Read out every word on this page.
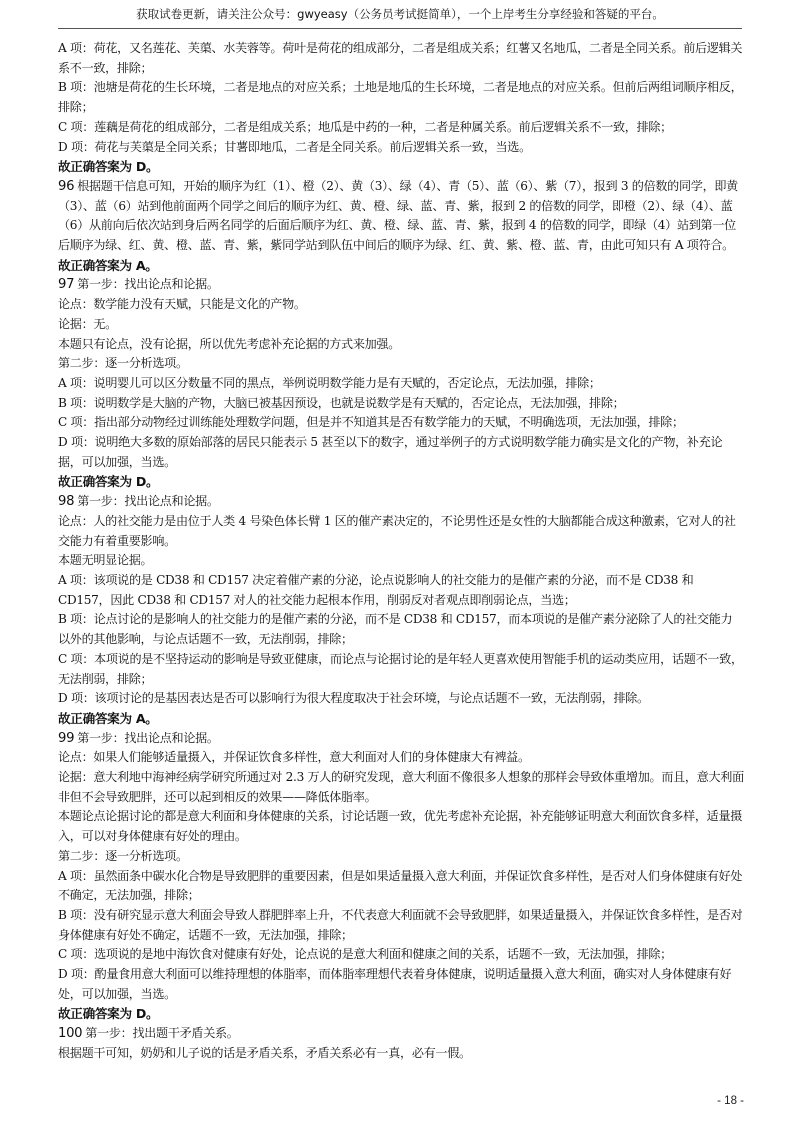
获取试卷更新，请关注公众号：gwyeasy（公务员考试挺简单），一个上岸考生分享经验和答疑的平台。

A 项：荷花，又名莲花、芙蕖、水芙蓉等。荷叶是荷花的组成部分，二者是组成关系；红薯又名地瓜，二者是全同关系。前后逻辑关系不一致，排除；

B 项：池塘是荷花的生长环境，二者是地点的对应关系；土地是地瓜的生长环境，二者是地点的对应关系。但前后两组词顺序相反，排除；

C 项：莲藕是荷花的组成部分，二者是组成关系；地瓜是中药的一种，二者是种属关系。前后逻辑关系不一致，排除；

D 项：荷花与芙蕖是全同关系；甘薯即地瓜，二者是全同关系。前后逻辑关系一致，当选。

故正确答案为 D。

96 根据题干信息可知，开始的顺序为红（1）、橙（2）、黄（3）、绿（4）、青（5）、蓝（6）、紫（7），报到 3 的倍数的同学，即黄（3）、蓝（6）站到他前面两个同学之间后的顺序为红、黄、橙、绿、蓝、青、紫，报到 2 的倍数的同学，即橙（2）、绿（4）、蓝（6）从前向后依次站到身后两名同学的后面后顺序为红、黄、橙、绿、蓝、青、紫，报到 4 的倍数的同学，即绿（4）站到第一位后顺序为绿、红、黄、橙、蓝、青、紫，紫同学站到队伍中间后的顺序为绿、红、黄、紫、橙、蓝、青，由此可知只有 A 项符合。

故正确答案为 A。

97 第一步：找出论点和论据。

论点：数学能力没有天赋，只能是文化的产物。

论据：无。

本题只有论点，没有论据，所以优先考虑补充论据的方式来加强。

第二步：逐一分析选项。

A 项：说明婴儿可以区分数量不同的黑点，举例说明数学能力是有天赋的，否定论点，无法加强，排除；

B 项：说明数学是大脑的产物，大脑已被基因预设，也就是说数学是有天赋的，否定论点，无法加强，排除；

C 项：指出部分动物经过训练能处理数学问题，但是并不知道其是否有数学能力的天赋，不明确选项，无法加强，排除；

D 项：说明绝大多数的原始部落的居民只能表示 5 甚至以下的数字，通过举例子的方式说明数学能力确实是文化的产物，补充论据，可以加强，当选。

故正确答案为 D。

98 第一步：找出论点和论据。

论点：人的社交能力是由位于人类 4 号染色体长臂 1 区的催产素决定的，不论男性还是女性的大脑都能合成这种激素，它对人的社交能力有着重要影响。

本题无明显论据。

A 项：该项说的是 CD38 和 CD157 决定着催产素的分泌，论点说影响人的社交能力的是催产素的分泌，而不是 CD38 和 CD157，因此 CD38 和 CD157 对人的社交能力起根本作用，削弱反对者观点即削弱论点，当选；

B 项：论点讨论的是影响人的社交能力的是催产素的分泌，而不是 CD38 和 CD157，而本项说的是催产素分泌除了人的社交能力以外的其他影响，与论点话题不一致，无法削弱，排除；

C 项：本项说的是不坚持运动的影响是导致亚健康，而论点与论据讨论的是年轻人更喜欢使用智能手机的运动类应用，话题不一致，无法削弱，排除；

D 项：该项讨论的是基因表达是否可以影响行为很大程度取决于社会环境，与论点话题不一致，无法削弱，排除。

故正确答案为 A。

99 第一步：找出论点和论据。

论点：如果人们能够适量摄入，并保证饮食多样性，意大利面对人们的身体健康大有裨益。

论据：意大利地中海神经病学研究所通过对 2.3 万人的研究发现，意大利面不像很多人想象的那样会导致体重增加。而且，意大利面非但不会导致肥胖，还可以起到相反的效果——降低体脂率。

本题论点论据讨论的都是意大利面和身体健康的关系，讨论话题一致，优先考虑补充论据，补充能够证明意大利面饮食多样，适量摄入，可以对身体健康有好处的理由。

第二步：逐一分析选项。

A 项：虽然面条中碳水化合物是导致肥胖的重要因素，但是如果适量摄入意大利面，并保证饮食多样性，是否对人们身体健康有好处不确定，无法加强，排除；

B 项：没有研究显示意大利面会导致人群肥胖率上升，不代表意大利面就不会导致肥胖，如果适量摄入，并保证饮食多样性，是否对身体健康有好处不确定，话题不一致，无法加强，排除；

C 项：选项说的是地中海饮食对健康有好处，论点说的是意大利面和健康之间的关系，话题不一致，无法加强，排除；

D 项：酌量食用意大利面可以维持理想的体脂率，而体脂率理想代表着身体健康，说明适量摄入意大利面，确实对人身体健康有好处，可以加强，当选。

故正确答案为 D。

100 第一步：找出题干矛盾关系。

根据题干可知，奶奶和儿子说的话是矛盾关系，矛盾关系必有一真，必有一假。

- 18 -
